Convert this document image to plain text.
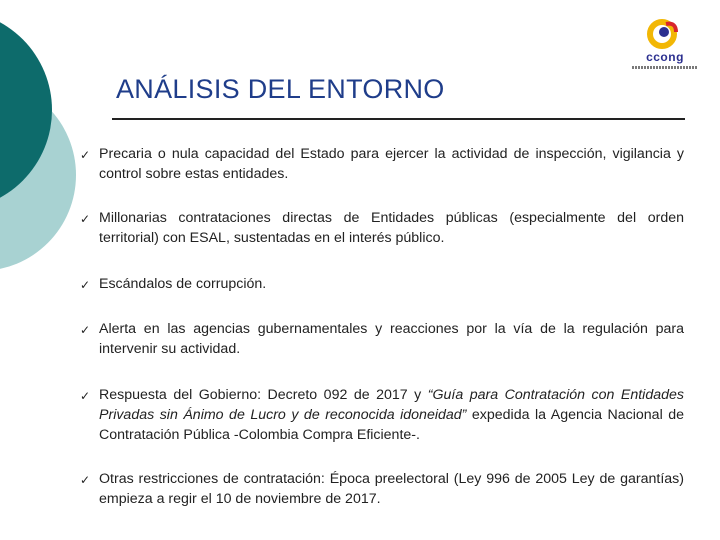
ccong
ANÁLISIS DEL ENTORNO
✓ Precaria o nula capacidad del Estado para ejercer la actividad de inspección, vigilancia y control sobre estas entidades.
✓ Millonarias contrataciones directas de Entidades públicas (especialmente del orden territorial) con ESAL, sustentadas en el interés público.
✓ Escándalos de corrupción.
✓ Alerta en las agencias gubernamentales y reacciones por la vía de la regulación para intervenir su actividad.
✓ Respuesta del Gobierno: Decreto 092 de 2017 y “Guía para Contratación con Entidades Privadas sin Ánimo de Lucro y de reconocida idoneidad” expedida la Agencia Nacional de Contratación Pública -Colombia Compra Eficiente-.
✓ Otras restricciones de contratación: Época preelectoral (Ley 996 de 2005 Ley de garantías) empieza a regir el 10 de noviembre de 2017.
